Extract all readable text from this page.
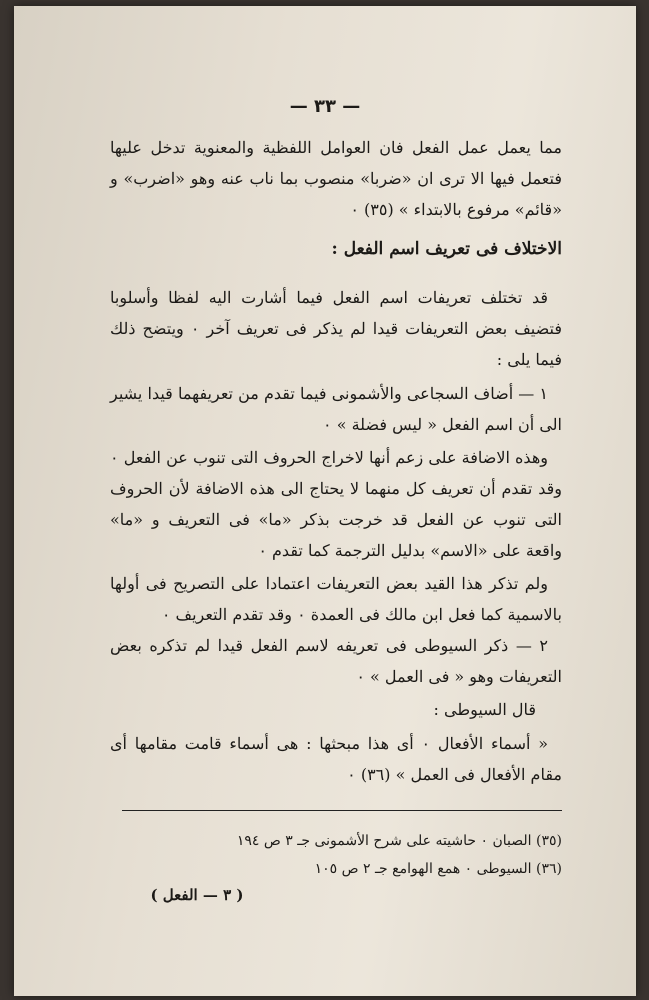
— ٣٣ —
مما يعمل عمل الفعل فان العوامل اللفظية والمعنوية تدخل عليها فتعمل فيها الا ترى ان «ضربا» منصوب بما ناب عنه وهو «اضرب» و «قائم» مرفوع بالابتداء » (٣٥) ٠
الاختلاف فى تعريف اسم الفعل :
قد تختلف تعريفات اسم الفعل فيما أشارت اليه لفظا وأسلوبا فتضيف بعض التعريفات قيدا لم يذكر فى تعريف آخر ٠ ويتضح ذلك فيما يلى :
١ — أضاف السجاعى والأشمونى فيما تقدم من تعريفهما قيدا يشير الى أن اسم الفعل « ليس فضلة » ٠
وهذه الاضافة على زعم أنها لاخراج الحروف التى تنوب عن الفعل ٠ وقد تقدم أن تعريف كل منهما لا يحتاج الى هذه الاضافة لأن الحروف التى تنوب عن الفعل قد خرجت بذكر «ما» فى التعريف و «ما» واقعة على «الاسم» بدليل الترجمة كما تقدم ٠
ولم تذكر هذا القيد بعض التعريفات اعتمادا على التصريح فى أولها بالاسمية كما فعل ابن مالك فى العمدة ٠ وقد تقدم التعريف ٠
٢ — ذكر السيوطى فى تعريفه لاسم الفعل قيدا لم تذكره بعض التعريفات وهو « فى العمل » ٠
قال السيوطى :
« أسماء الأفعال ٠ أى هذا مبحثها : هى أسماء قامت مقامها أى مقام الأفعال فى العمل » (٣٦) ٠
(٣٥) الصبان ٠ حاشيته على شرح الأشمونى جـ ٣ ص ١٩٤
(٣٦) السيوطى ٠ همع الهوامع جـ ٢ ص ١٠٥
( ٣ — الفعل )
